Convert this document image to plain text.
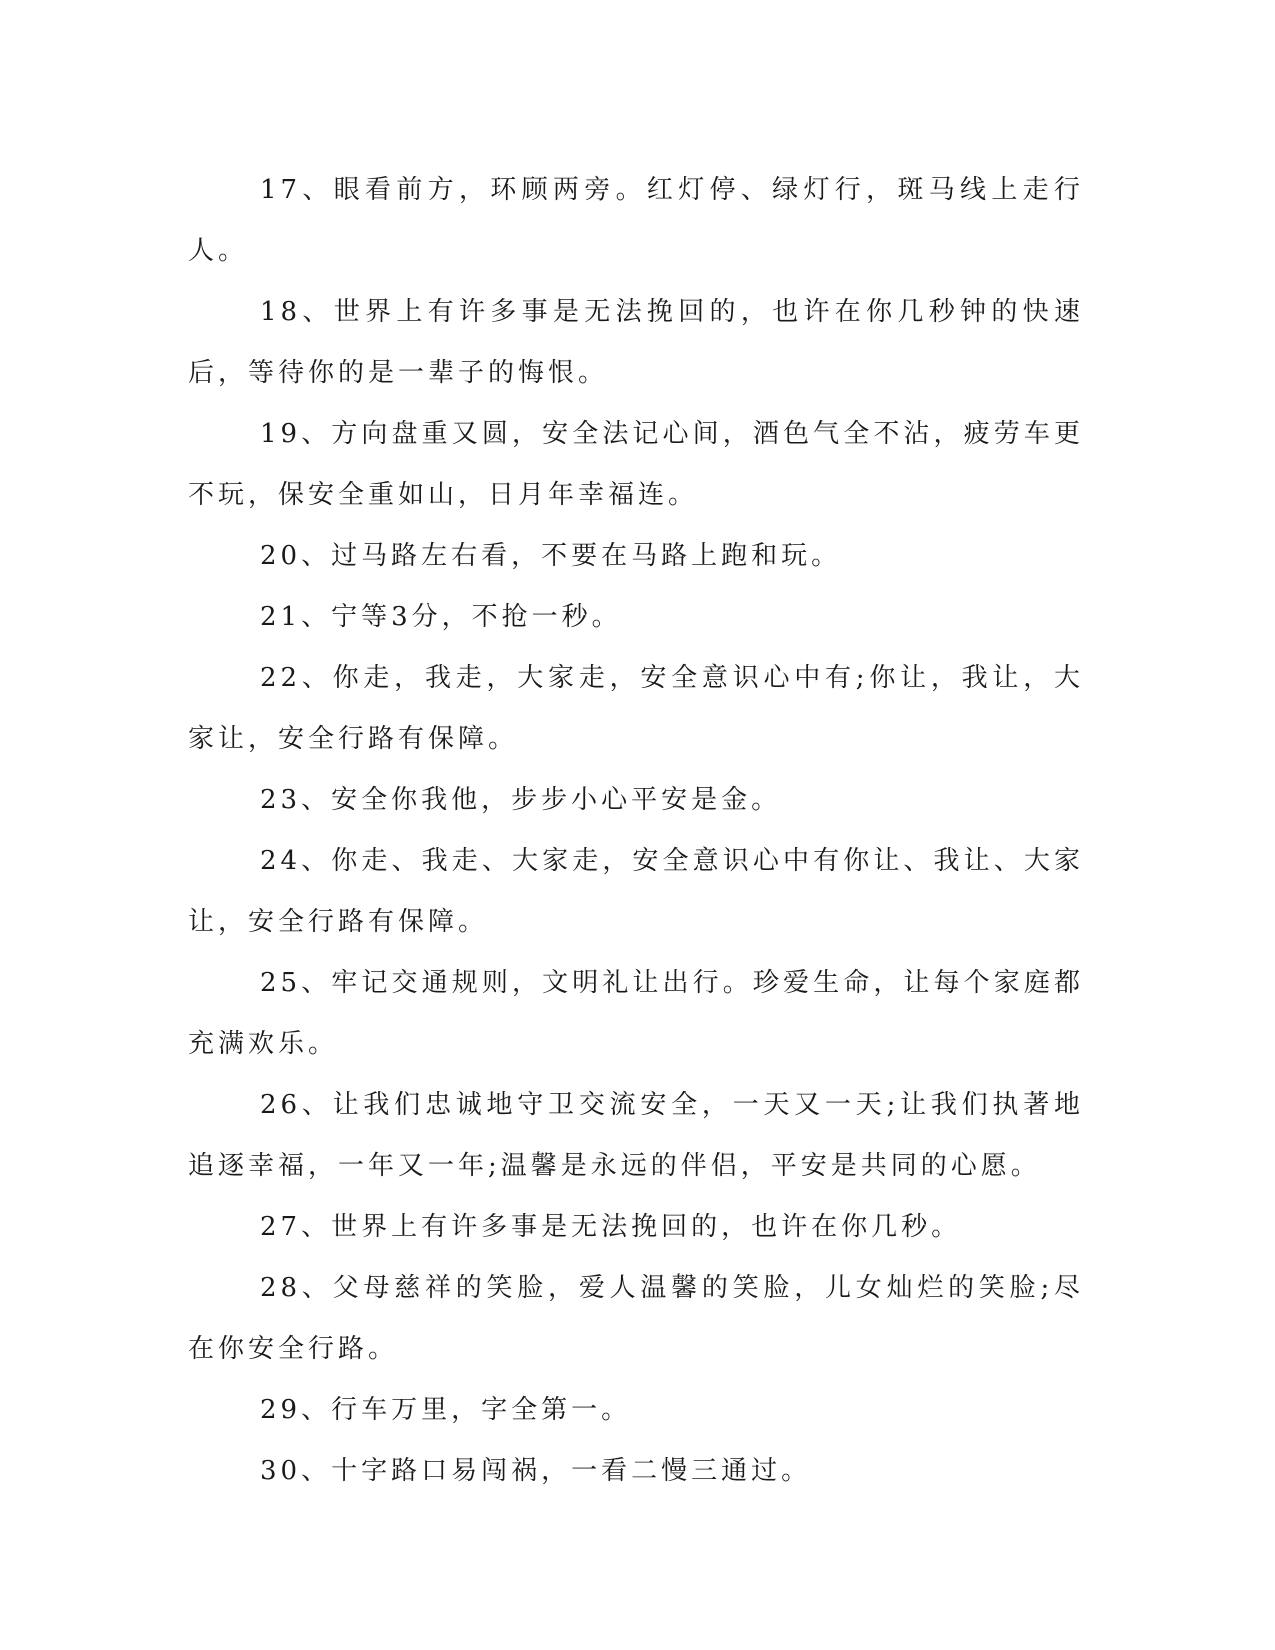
17、眼看前方，环顾两旁。红灯停、绿灯行，斑马线上走行人。

18、世界上有许多事是无法挽回的，也许在你几秒钟的快速后，等待你的是一辈子的悔恨。

19、方向盘重又圆，安全法记心间，酒色气全不沾，疲劳车更不玩，保安全重如山，日月年幸福连。

20、过马路左右看，不要在马路上跑和玩。

21、宁等3分，不抢一秒。

22、你走，我走，大家走，安全意识心中有;你让，我让，大家让，安全行路有保障。

23、安全你我他，步步小心平安是金。

24、你走、我走、大家走，安全意识心中有你让、我让、大家让，安全行路有保障。

25、牢记交通规则，文明礼让出行。珍爱生命，让每个家庭都充满欢乐。

26、让我们忠诚地守卫交流安全，一天又一天;让我们执著地追逐幸福，一年又一年;温馨是永远的伴侣，平安是共同的心愿。

27、世界上有许多事是无法挽回的，也许在你几秒。

28、父母慈祥的笑脸，爱人温馨的笑脸，儿女灿烂的笑脸;尽在你安全行路。

29、行车万里，字全第一。

30、十字路口易闯祸，一看二慢三通过。
